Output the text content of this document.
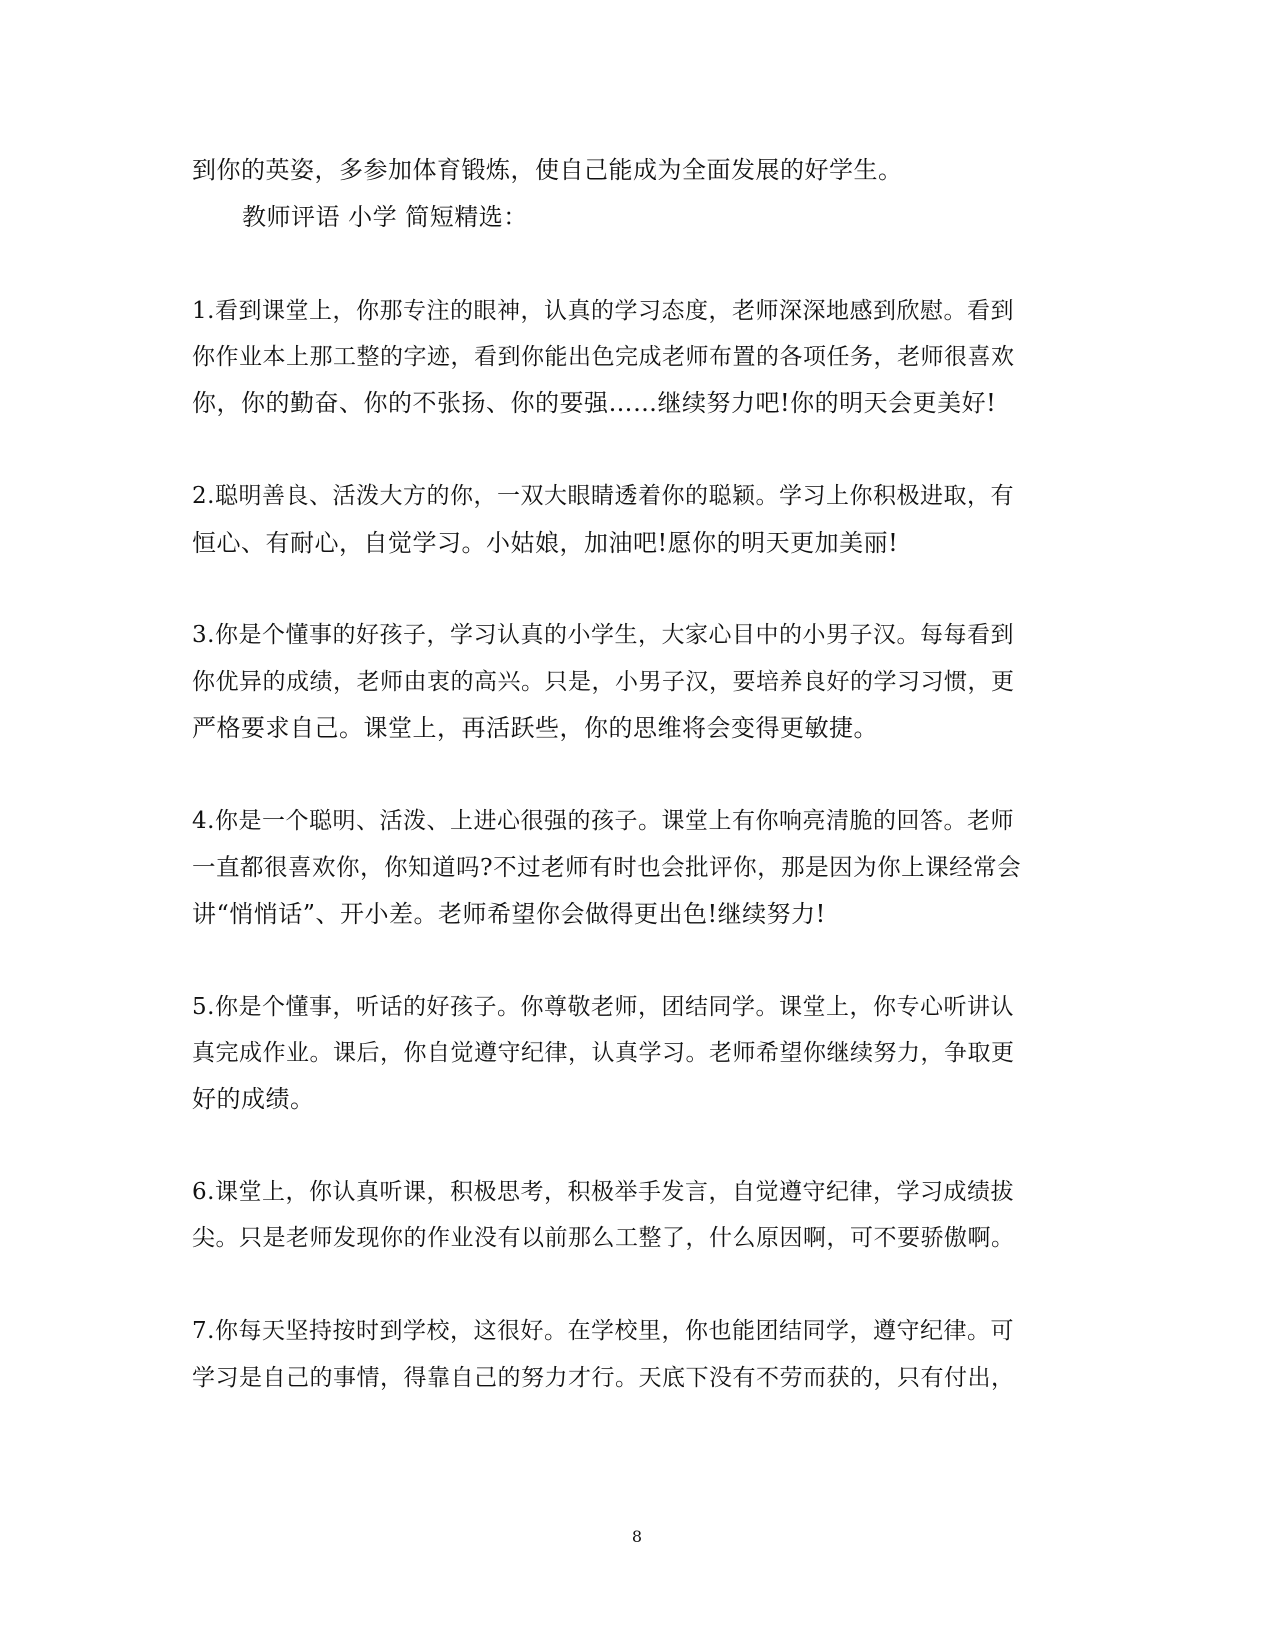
到你的英姿，多参加体育锻炼，使自己能成为全面发展的好学生。
教师评语 小学 简短精选：
1.看到课堂上，你那专注的眼神，认真的学习态度，老师深深地感到欣慰。看到
你作业本上那工整的字迹，看到你能出色完成老师布置的各项任务，老师很喜欢
你，你的勤奋、你的不张扬、你的要强……继续努力吧!你的明天会更美好!
2.聪明善良、活泼大方的你，一双大眼睛透着你的聪颖。学习上你积极进取，有
恒心、有耐心，自觉学习。小姑娘，加油吧!愿你的明天更加美丽!
3.你是个懂事的好孩子，学习认真的小学生，大家心目中的小男子汉。每每看到
你优异的成绩，老师由衷的高兴。只是，小男子汉，要培养良好的学习习惯，更
严格要求自己。课堂上，再活跃些，你的思维将会变得更敏捷。
4.你是一个聪明、活泼、上进心很强的孩子。课堂上有你响亮清脆的回答。老师
一直都很喜欢你，你知道吗?不过老师有时也会批评你，那是因为你上课经常会
讲“悄悄话”、开小差。老师希望你会做得更出色!继续努力!
5.你是个懂事，听话的好孩子。你尊敬老师，团结同学。课堂上，你专心听讲认
真完成作业。课后，你自觉遵守纪律，认真学习。老师希望你继续努力，争取更
好的成绩。
6.课堂上，你认真听课，积极思考，积极举手发言，自觉遵守纪律，学习成绩拔
尖。只是老师发现你的作业没有以前那么工整了，什么原因啊，可不要骄傲啊。
7.你每天坚持按时到学校，这很好。在学校里，你也能团结同学，遵守纪律。可
学习是自己的事情，得靠自己的努力才行。天底下没有不劳而获的，只有付出，
8
